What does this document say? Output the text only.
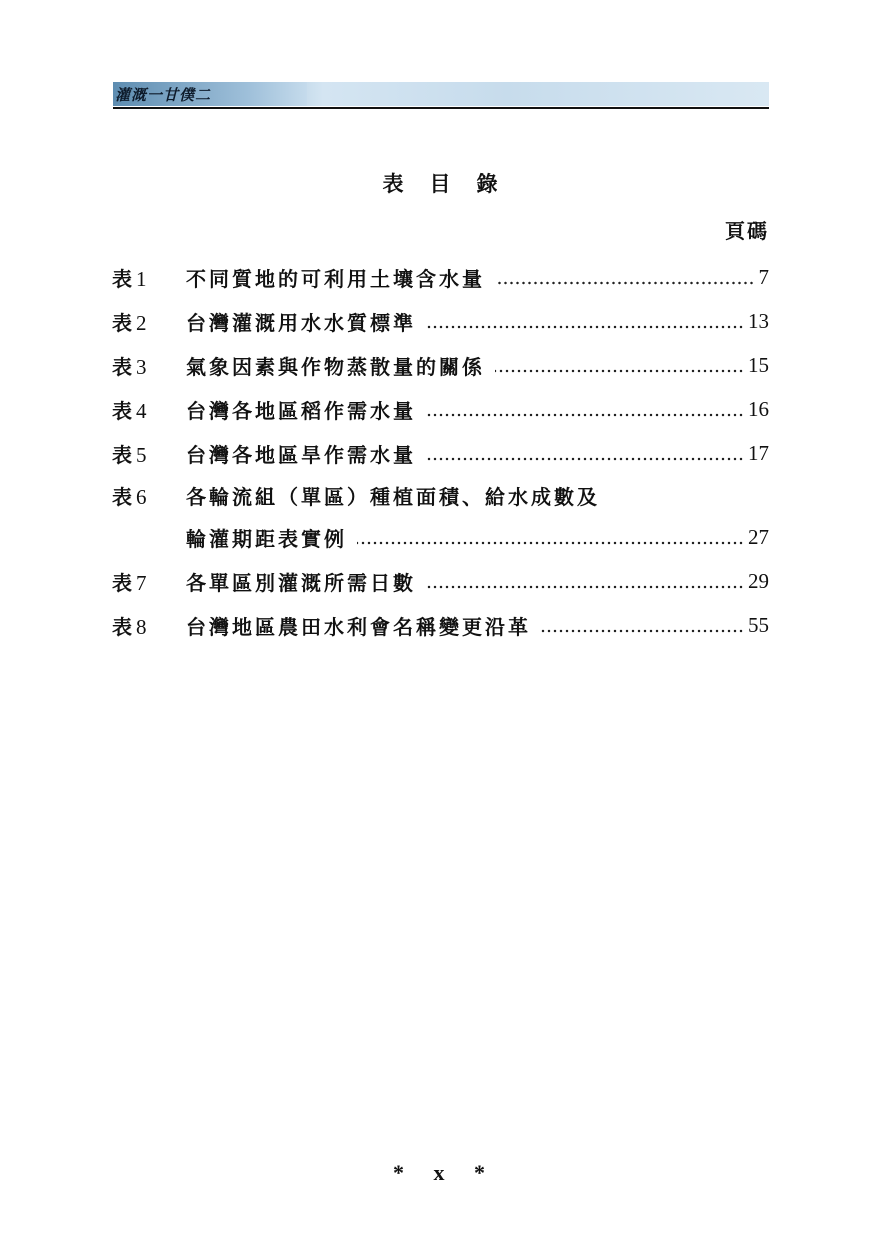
灌溉一甘僕二
表目錄
頁碼
表 1	不同質地的可利用土壤含水量	7
表 2	台灣灌溉用水水質標準	13
表 3	氣象因素與作物蒸散量的關係	15
表 4	台灣各地區稻作需水量	16
表 5	台灣各地區旱作需水量	17
表 6	各輪流組（單區）種植面積、給水成數及
輪灌期距表實例	27
表 7	各單區別灌溉所需日數	29
表 8	台灣地區農田水利會名稱變更沿革	55
* x *
